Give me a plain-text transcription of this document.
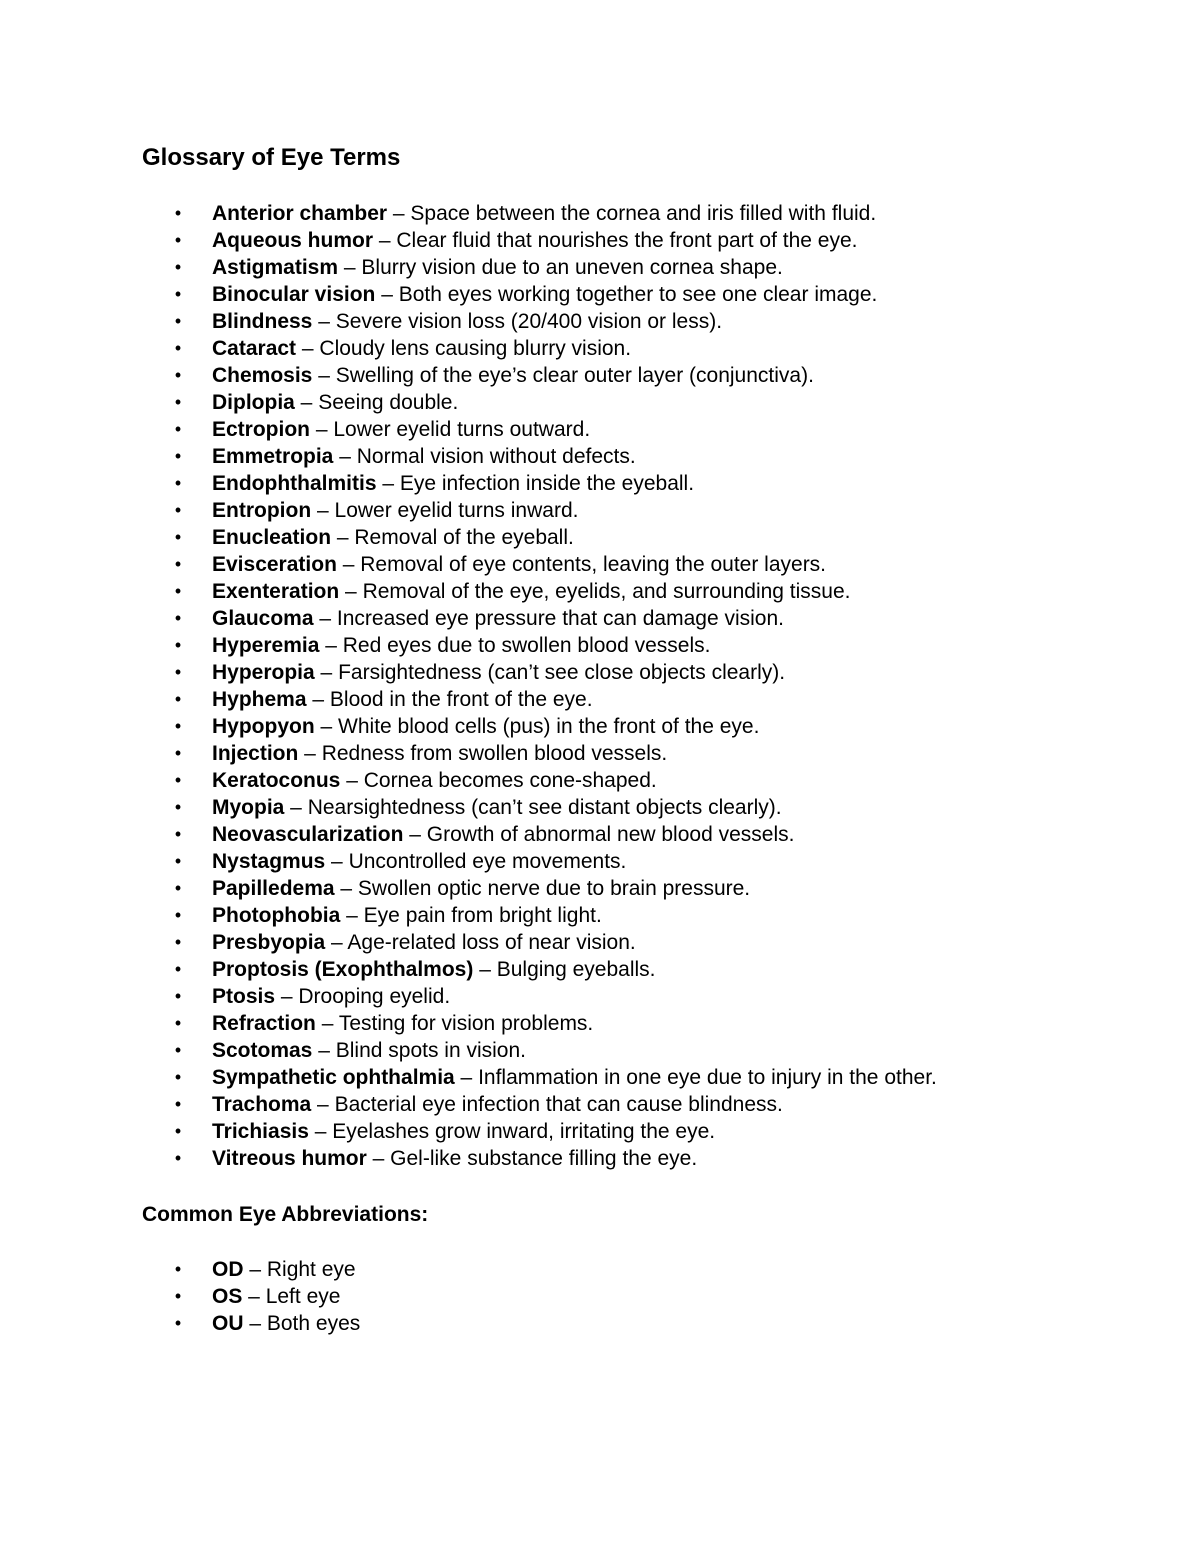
Glossary of Eye Terms
• Anterior chamber – Space between the cornea and iris filled with fluid.
• Aqueous humor – Clear fluid that nourishes the front part of the eye.
• Astigmatism – Blurry vision due to an uneven cornea shape.
• Binocular vision – Both eyes working together to see one clear image.
• Blindness – Severe vision loss (20/400 vision or less).
• Cataract – Cloudy lens causing blurry vision.
• Chemosis – Swelling of the eye’s clear outer layer (conjunctiva).
• Diplopia – Seeing double.
• Ectropion – Lower eyelid turns outward.
• Emmetropia – Normal vision without defects.
• Endophthalmitis – Eye infection inside the eyeball.
• Entropion – Lower eyelid turns inward.
• Enucleation – Removal of the eyeball.
• Evisceration – Removal of eye contents, leaving the outer layers.
• Exenteration – Removal of the eye, eyelids, and surrounding tissue.
• Glaucoma – Increased eye pressure that can damage vision.
• Hyperemia – Red eyes due to swollen blood vessels.
• Hyperopia – Farsightedness (can’t see close objects clearly).
• Hyphema – Blood in the front of the eye.
• Hypopyon – White blood cells (pus) in the front of the eye.
• Injection – Redness from swollen blood vessels.
• Keratoconus – Cornea becomes cone-shaped.
• Myopia – Nearsightedness (can’t see distant objects clearly).
• Neovascularization – Growth of abnormal new blood vessels.
• Nystagmus – Uncontrolled eye movements.
• Papilledema – Swollen optic nerve due to brain pressure.
• Photophobia – Eye pain from bright light.
• Presbyopia – Age-related loss of near vision.
• Proptosis (Exophthalmos) – Bulging eyeballs.
• Ptosis – Drooping eyelid.
• Refraction – Testing for vision problems.
• Scotomas – Blind spots in vision.
• Sympathetic ophthalmia – Inflammation in one eye due to injury in the other.
• Trachoma – Bacterial eye infection that can cause blindness.
• Trichiasis – Eyelashes grow inward, irritating the eye.
• Vitreous humor – Gel-like substance filling the eye.
Common Eye Abbreviations:
• OD – Right eye
• OS – Left eye
• OU – Both eyes
